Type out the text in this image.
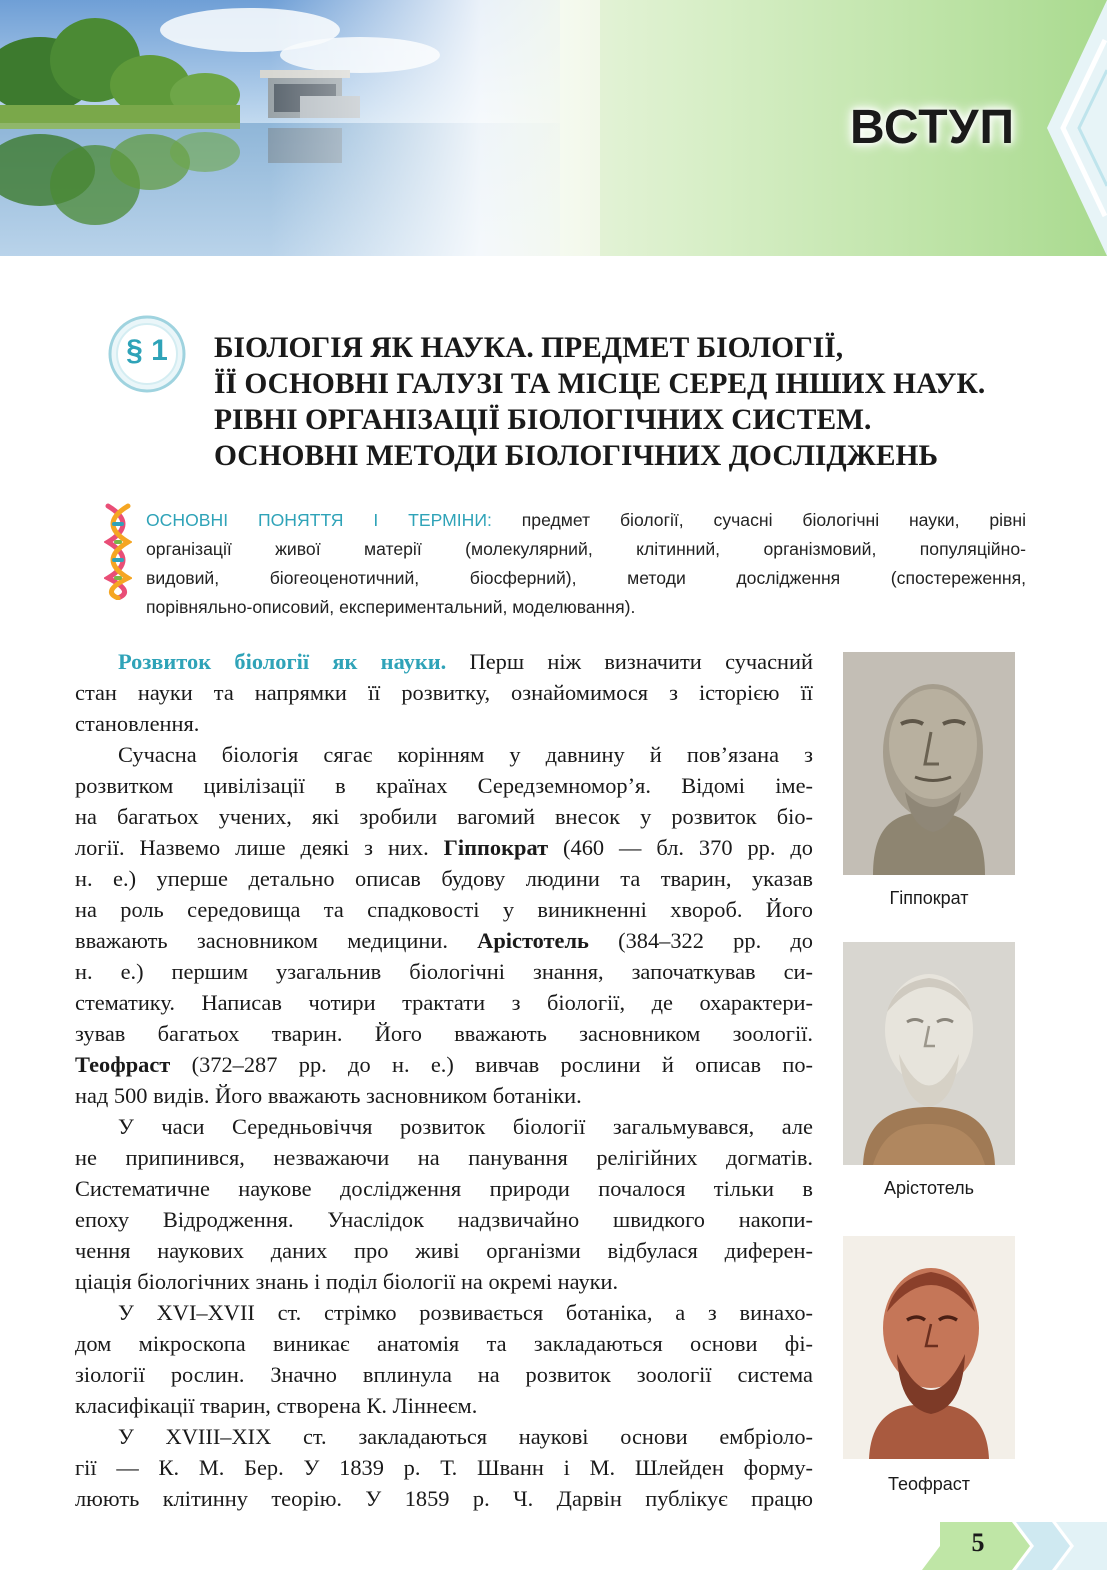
ВСТУП
§ 1	БІОЛОГІЯ ЯК НАУКА. ПРЕДМЕТ БІОЛОГІЇ,
ЇЇ ОСНОВНІ ГАЛУЗІ ТА МІСЦЕ СЕРЕД ІНШИХ НАУК.
РІВНІ ОРГАНІЗАЦІЇ БІОЛОГІЧНИХ СИСТЕМ.
ОСНОВНІ МЕТОДИ БІОЛОГІЧНИХ ДОСЛІДЖЕНЬ
ОСНОВНІ ПОНЯТТЯ І ТЕРМІНИ: предмет біології, сучасні біологічні науки, рівні
організації живої матерії (молекулярний, клітинний, організмовий, популяційно-
видовий, біогеоценотичний, біосферний), методи дослідження (спостереження,
порівняльно-описовий, експериментальний, моделювання).
Розвиток біології як науки. Перш ніж визначити сучасний
стан науки та напрямки її розвитку, ознайомимося з історією її
становлення.
Сучасна біологія сягає корінням у давнину й пов’язана з
розвитком цивілізації в країнах Середземномор’я. Відомі іме-
на багатьох учених, які зробили вагомий внесок у розвиток біо-
логії. Назвемо лише деякі з них. Гіппократ (460 — бл. 370 рр. до
н. е.) уперше детально описав будову людини та тварин, указав
на роль середовища та спадковості у виникненні хвороб. Його
вважають засновником медицини. Арістотель (384–322 рр. до
н. е.) першим узагальнив біологічні знання, започаткував си-
стематику. Написав чотири трактати з біології, де охарактери-
зував багатьох тварин. Його вважають засновником зоології.
Теофраст (372–287 рр. до н. е.) вивчав рослини й описав по-
над 500 видів. Його вважають засновником ботаніки.
У часи Середньовіччя розвиток біології загальмувався, але
не припинився, незважаючи на панування релігійних догматів.
Систематичне наукове дослідження природи почалося тільки в
епоху Відродження. Унаслідок надзвичайно швидкого накопи-
чення наукових даних про живі організми відбулася диферен-
ціація біологічних знань і поділ біології на окремі науки.
У XVI–XVII ст. стрімко розвивається ботаніка, а з винахо-
дом мікроскопа виникає анатомія та закладаються основи фі-
зіології рослин. Значно вплинула на розвиток зоології система
класифікації тварин, створена К. Ліннеєм.
У XVIII–XIX ст. закладаються наукові основи ембріоло-
гії — К. М. Бер. У 1839 р. Т. Шванн і М. Шлейден форму-
люють клітинну теорію. У 1859 р. Ч. Дарвін публікує працю
Гіппократ
Арістотель
Теофраст
5
